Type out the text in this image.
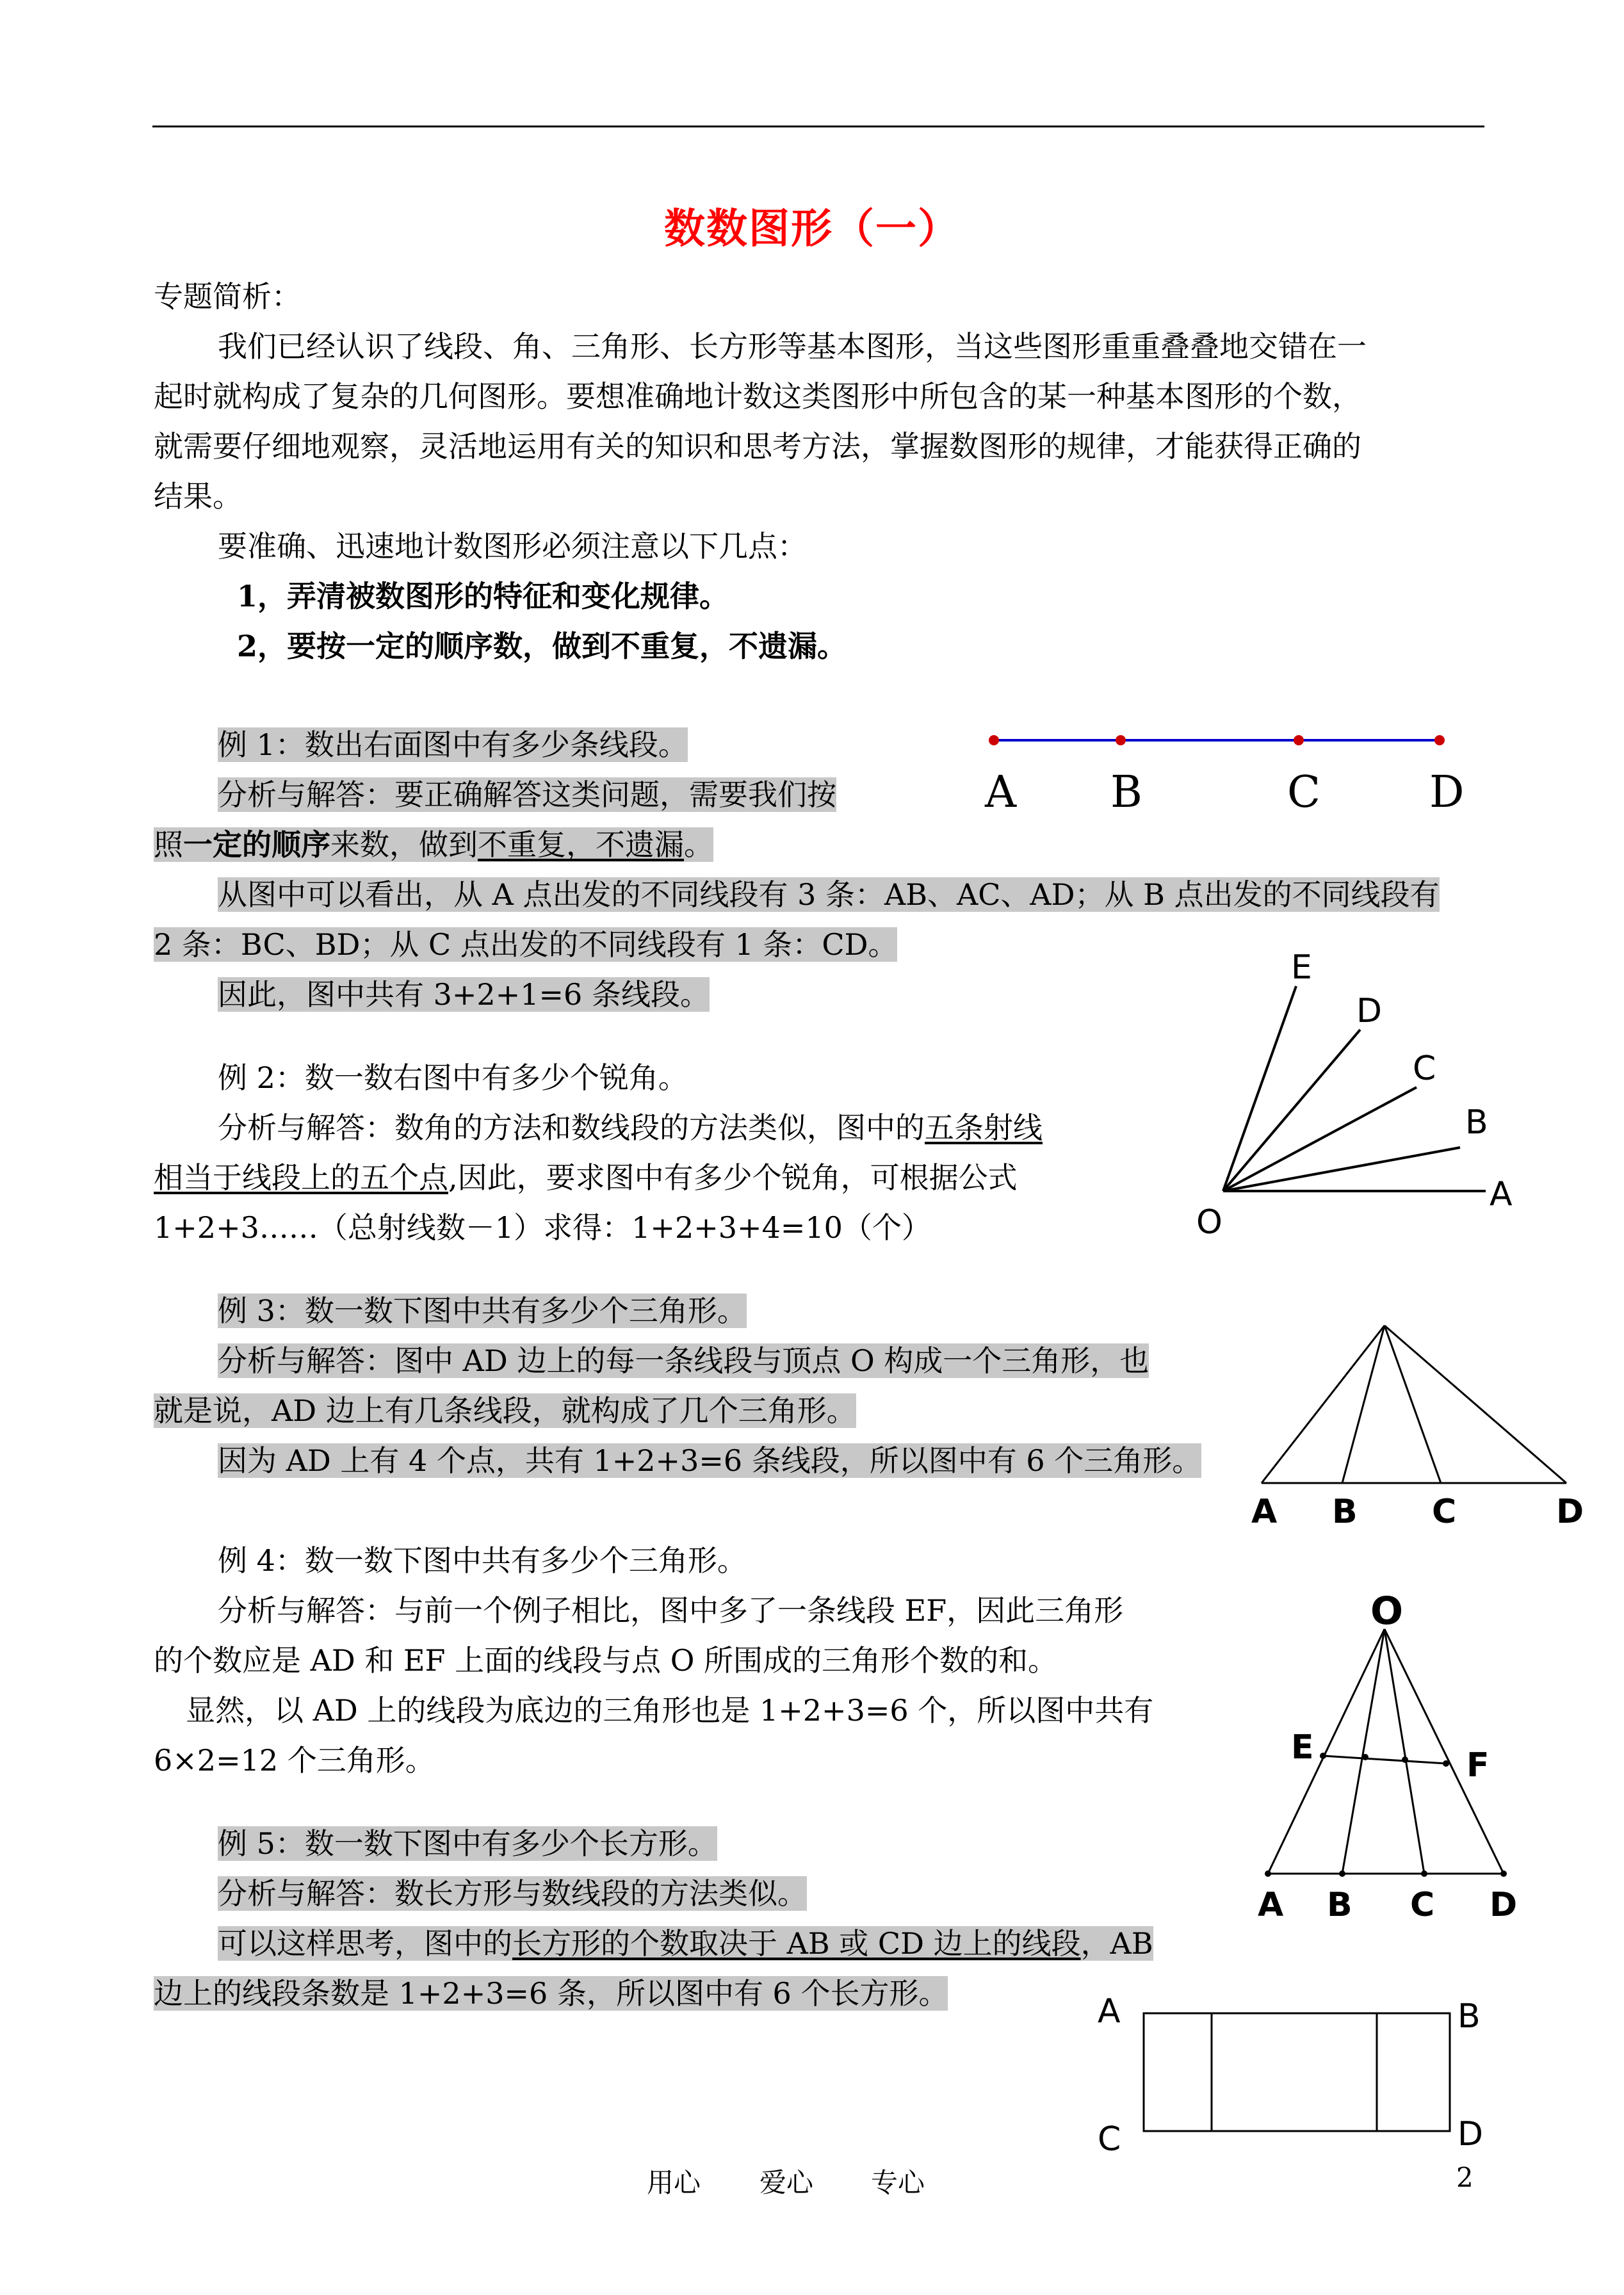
数数图形（一）
专题简析：
我们已经认识了线段、角、三角形、长方形等基本图形，当这些图形重重叠叠地交错在一
起时就构成了复杂的几何图形。要想准确地计数这类图形中所包含的某一种基本图形的个数，
就需要仔细地观察，灵活地运用有关的知识和思考方法，掌握数图形的规律，才能获得正确的
结果。
要准确、迅速地计数图形必须注意以下几点：
1，弄清被数图形的特征和变化规律。
2，要按一定的顺序数，做到不重复，不遗漏。
例 1：数出右面图中有多少条线段。
分析与解答：要正确解答这类问题，需要我们按
照一定的顺序来数，做到不重复，不遗漏。
从图中可以看出，从 A 点出发的不同线段有 3 条：AB、AC、AD；从 B 点出发的不同线段有
2 条：BC、BD；从 C 点出发的不同线段有 1 条：CD。
因此，图中共有 3+2+1=6 条线段。
A B	C D
例 2：数一数右图中有多少个锐角。
分析与解答：数角的方法和数线段的方法类似，图中的五条射线
相当于线段上的五个点,因此，要求图中有多少个锐角，可根据公式
1+2+3……（总射线数－1）求得：1+2+3+4=10（个）
E
D
C
B
A
O
例 3：数一数下图中共有多少个三角形。
分析与解答：图中 AD 边上的每一条线段与顶点 O 构成一个三角形，也
就是说，AD 边上有几条线段，就构成了几个三角形。
因为 AD 上有 4 个点，共有 1+2+3=6 条线段，所以图中有 6 个三角形。
A B C	D
例 4：数一数下图中共有多少个三角形。
分析与解答：与前一个例子相比，图中多了一条线段 EF，因此三角形
的个数应是 AD 和 EF 上面的线段与点 O 所围成的三角形个数的和。
显然，以 AD 上的线段为底边的三角形也是 1+2+3=6 个，所以图中共有
6×2=12 个三角形。
O
E	F
A B C D
例 5：数一数下图中有多少个长方形。
分析与解答：数长方形与数线段的方法类似。
可以这样思考，图中的长方形的个数取决于 AB 或 CD 边上的线段，AB
边上的线段条数是 1+2+3=6 条，所以图中有 6 个长方形。	A	B
C	D
用心 爱心 专心	2
